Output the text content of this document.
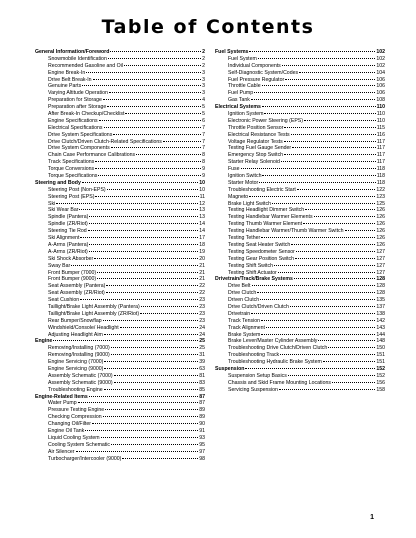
Table of Contents
General Information/Foreword	2
Snowmobile Identification	2
Recommended Gasoline and Oil	2
Engine Break-In	3
Drive Belt Break-In	3
Genuine Parts	3
Varying Altitude Operation	3
Preparation for Storage	4
Preparation after Storage	5
After Break-In Checkup/Checklist	5
Engine Specifications	6
Electrical Specifications	7
Drive System Specifications	7
Drive Clutch/Driven Clutch-Related Specifications	7
Drive System Components	7
Chain Case Performance Calibrations	8
Track Specifications	8
Torque Conversions	9
Torque Specifications	9
Steering and Body	10
Steering Post (Non-EPS)	10
Steering Post (EPS)	11
Ski	12
Ski Wear Bar	13
Spindle (Pantera)	13
Spindle (ZR/Riot)	14
Steering Tie Rod	14
Ski Alignment	17
A-Arms (Pantera)	18
A-Arms (ZR/Riot)	19
Ski Shock Absorber	20
Sway Bar	21
Front Bumper (7000)	21
Front Bumper (9000)	21
Seat Assembly (Pantera)	22
Seat Assembly (ZR/Riot)	22
Seat Cushion	23
Taillight/Brake Light Assembly (Pantera)	23
Taillight/Brake Light Assembly (ZR/Riot)	23
Rear Bumper/Snowflap	23
Windshield/Console/ Headlight	24
Adjusting Headlight Aim	24
Engine	25
Removing/Installing (7000)	25
Removing/Installing (9000)	31
Engine Servicing (7000)	39
Engine Servicing (9000)	63
Assembly Schematic (7000)	81
Assembly Schematic (9000)	83
Troubleshooting Engine	85
Engine-Related Items	87
Water Pump	87
Pressure Testing Engine	89
Checking Compression	89
Changing Oil/Filter	90
Engine Oil Tank	91
Liquid Cooling System	93
Cooling System Schematic	95
Air Silencer	97
Turbocharger/Intercooler (9000)	98
Fuel Systems	102
Fuel System	102
Individual Components	102
Self-Diagnostic System/Codes	104
Fuel Pressure Regulator	106
Throttle Cable	106
Fuel Pump	106
Gas Tank	108
Electrical Systems	110
Ignition System	110
Electronic Power Steering (EPS)	110
Throttle Position Sensor	115
Electrical Resistance Tests	116
Voltage Regulator Tests	117
Testing Fuel Gauge Sender	117
Emergency Stop Switch	117
Starter Relay Solenoid	117
Fuse	118
Ignition Switch	118
Starter Motor	118
Troubleshooting Electric Start	122
Magneto	123
Brake Light Switch	125
Testing Headlight Dimmer Switch	126
Testing Handlebar Warmer Elements	126
Testing Thumb Warmer Element	126
Testing Handlebar Warmer/Thumb Warmer Switch	126
Testing Tether	126
Testing Seat Heater Switch	126
Testing Speedometer Sensor	127
Testing Gear Position Switch	127
Testing Shift Switch	127
Testing Shift Actuator	127
Drivetrain/Track/Brake Systems	128
Drive Belt	128
Drive Clutch	128
Driven Clutch	135
Drive Clutch/Driven Clutch	137
Drivetrain	138
Track Tension	142
Track Alignment	143
Brake System	144
Brake Lever/Master Cylinder Assembly	148
Troubleshooting Drive Clutch/Driven Clutch	150
Troubleshooting Track	151
Troubleshooting Hydraulic Brake System	151
Suspension	152
Suspension Setup Basics	152
Chassis and Skid Frame Mounting Locations	156
Servicing Suspension	158
1
